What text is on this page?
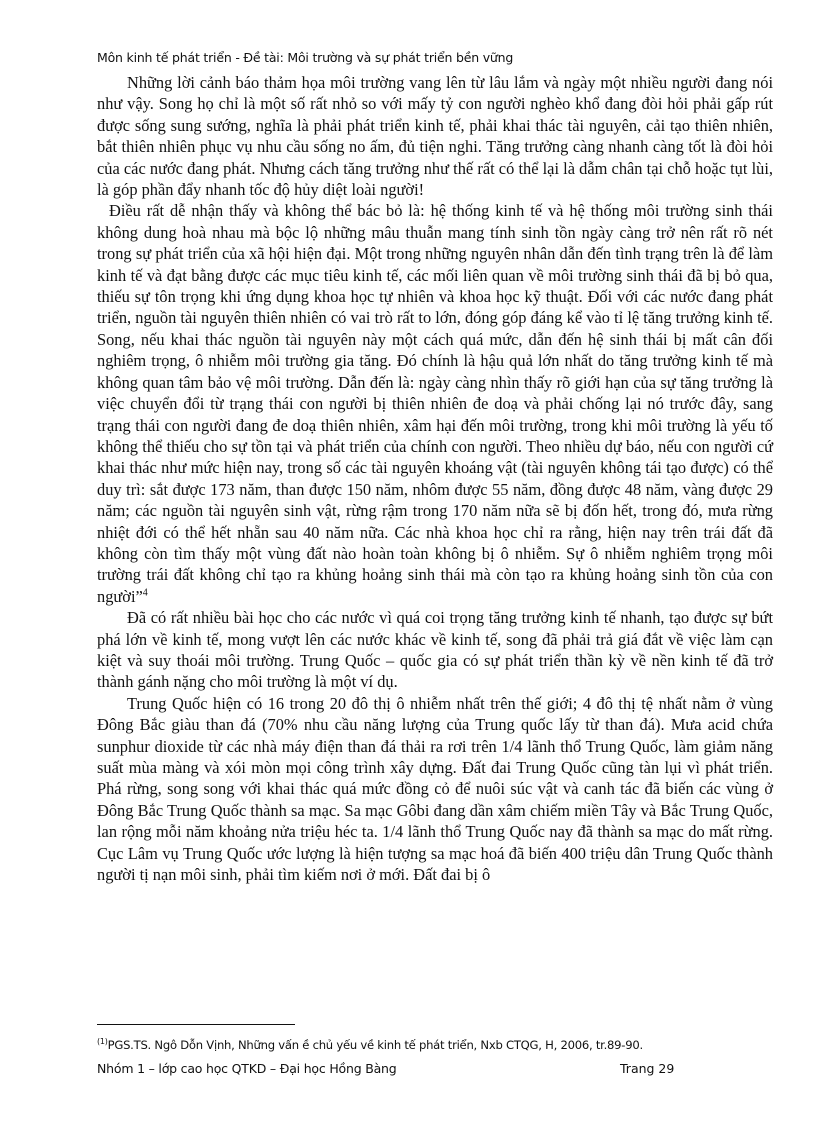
Môn kinh tế phát triển - Đề tài: Môi trường và sự phát triển bền vững

Những lời cảnh báo thảm họa môi trường vang lên từ lâu lắm và ngày một nhiều người đang nói như vậy. Song họ chỉ là một số rất nhỏ so với mấy tỷ con người nghèo khổ đang đòi hỏi phải gấp rút được sống sung sướng, nghĩa là phải phát triển kinh tế, phải khai thác tài nguyên, cải tạo thiên nhiên, bắt thiên nhiên phục vụ nhu cầu sống no ấm, đủ tiện nghi. Tăng trưởng càng nhanh càng tốt là đòi hỏi của các nước đang phát. Nhưng cách tăng trưởng như thế rất có thể lại là dẫm chân tại chỗ hoặc tụt lùi, là góp phần đẩy nhanh tốc độ hủy diệt loài người!

Điều rất dễ nhận thấy và không thể bác bỏ là: hệ thống kinh tế và hệ thống môi trường sinh thái không dung hoà nhau mà bộc lộ những mâu thuẫn mang tính sinh tồn ngày càng trở nên rất rõ nét trong sự phát triển của xã hội hiện đại. Một trong những nguyên nhân dẫn đến tình trạng trên là để làm kinh tế và đạt bằng được các mục tiêu kinh tế, các mối liên quan về môi trường sinh thái đã bị bỏ qua, thiếu sự tôn trọng khi ứng dụng khoa học tự nhiên và khoa học kỹ thuật. Đối với các nước đang phát triển, nguồn tài nguyên thiên nhiên có vai trò rất to lớn, đóng góp đáng kể vào tỉ lệ tăng trưởng kinh tế. Song, nếu khai thác nguồn tài nguyên này một cách quá mức, dẫn đến hệ sinh thái bị mất cân đối nghiêm trọng, ô nhiễm môi trường gia tăng. Đó chính là hậu quả lớn nhất do tăng trưởng kinh tế mà không quan tâm bảo vệ môi trường. Dẫn đến là: ngày càng nhìn thấy rõ giới hạn của sự tăng trưởng là việc chuyển đổi từ trạng thái con người bị thiên nhiên đe doạ và phải chống lại nó trước đây, sang trạng thái con người đang đe doạ thiên nhiên, xâm hại đến môi trường, trong khi môi trường là yếu tố không thể thiếu cho sự tồn tại và phát triển của chính con người. Theo nhiều dự báo, nếu con người cứ khai thác như mức hiện nay, trong số các tài nguyên khoáng vật (tài nguyên không tái tạo được) có thể duy trì: sắt được 173 năm, than được 150 năm, nhôm được 55 năm, đồng được 48 năm, vàng được 29 năm; các nguồn tài nguyên sinh vật, rừng rậm trong 170 năm nữa sẽ bị đốn hết, trong đó, mưa rừng nhiệt đới có thể hết nhẵn sau 40 năm nữa. Các nhà khoa học chỉ ra rằng, hiện nay trên trái đất đã không còn tìm thấy một vùng đất nào hoàn toàn không bị ô nhiễm. Sự ô nhiễm nghiêm trọng môi trường trái đất không chỉ tạo ra khủng hoảng sinh thái mà còn tạo ra khủng hoảng sinh tồn của con người”$^4$

Đã có rất nhiều bài học cho các nước vì quá coi trọng tăng trưởng kinh tế nhanh, tạo được sự bứt phá lớn về kinh tế, mong vượt lên các nước khác về kinh tế, song đã phải trả giá đắt về việc làm cạn kiệt và suy thoái môi trường. Trung Quốc – quốc gia có sự phát triển thần kỳ về nền kinh tế đã trở thành gánh nặng cho môi trường là một ví dụ.

Trung Quốc hiện có 16 trong 20 đô thị ô nhiễm nhất trên thế giới; 4 đô thị tệ nhất nằm ở vùng Đông Bắc giàu than đá (70% nhu cầu năng lượng của Trung quốc lấy từ than đá). Mưa acid chứa sunphur dioxide từ các nhà máy điện than đá thải ra rơi trên 1/4 lãnh thổ Trung Quốc, làm giảm năng suất mùa màng và xói mòn mọi công trình xây dựng. Đất đai Trung Quốc cũng tàn lụi vì phát triển. Phá rừng, song song với khai thác quá mức đồng cỏ để nuôi súc vật và canh tác đã biến các vùng ở Đông Bắc Trung Quốc thành sa mạc. Sa mạc Gôbi đang dần xâm chiếm miền Tây và Bắc Trung Quốc, lan rộng mỗi năm khoảng nửa triệu héc ta. 1/4 lãnh thổ Trung Quốc nay đã thành sa mạc do mất rừng. Cục Lâm vụ Trung Quốc ước lượng là hiện tượng sa mạc hoá đã biến 400 triệu dân Trung Quốc thành người tị nạn môi sinh, phải tìm kiếm nơi ở mới. Đất đai bị ô

$^{(1)}$PGS.TS. Ngô Dỗn Vịnh, Những vấn ề chủ yếu về kinh tế phát triển, Nxb CTQG, H, 2006, tr.89-90.
Nhóm 1 – lớp cao học QTKD – Đại học Hồng Bàng	Trang 29
